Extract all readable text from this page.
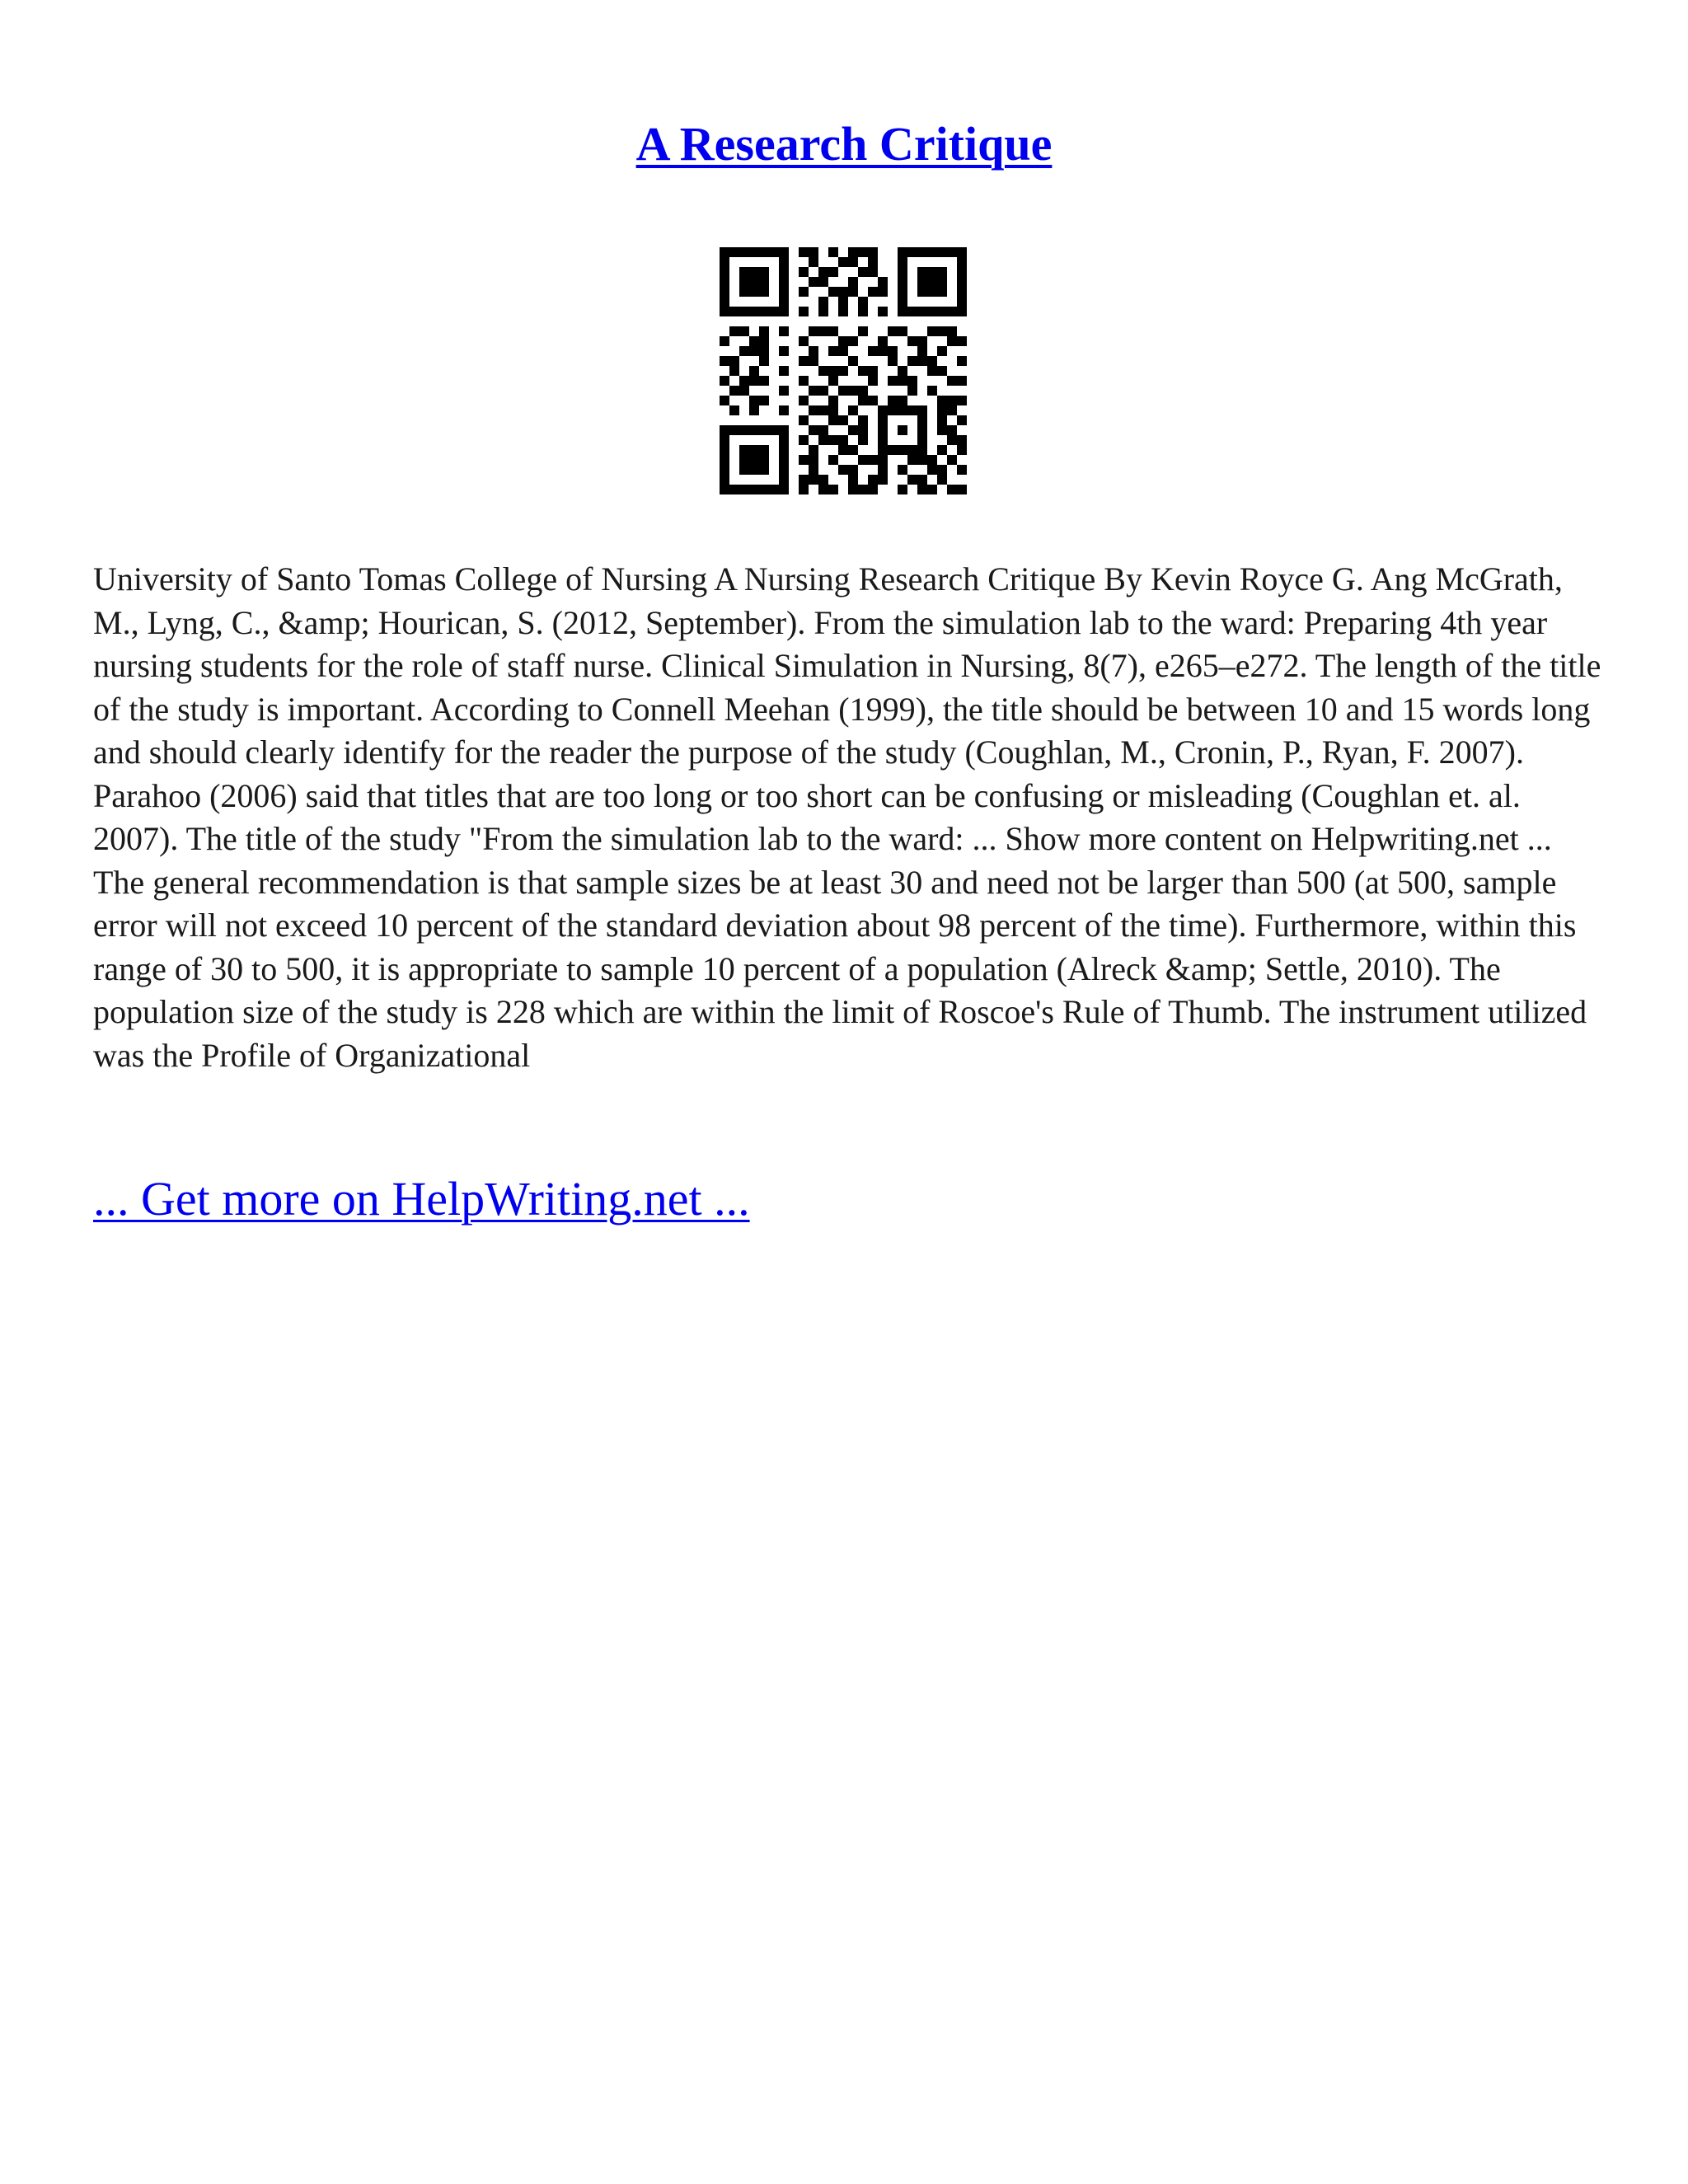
A Research Critique

University of Santo Tomas College of Nursing A Nursing Research Critique By Kevin Royce G. Ang McGrath, M., Lyng, C., &amp; Hourican, S. (2012, September). From the simulation lab to the ward: Preparing 4th year nursing students for the role of staff nurse. Clinical Simulation in Nursing, 8(7), e265–e272. The length of the title of the study is important. According to Connell Meehan (1999), the title should be between 10 and 15 words long and should clearly identify for the reader the purpose of the study (Coughlan, M., Cronin, P., Ryan, F. 2007). Parahoo (2006) said that titles that are too long or too short can be confusing or misleading (Coughlan et. al. 2007). The title of the study "From the simulation lab to the ward: ... Show more content on Helpwriting.net ...

The general recommendation is that sample sizes be at least 30 and need not be larger than 500 (at 500, sample error will not exceed 10 percent of the standard deviation about 98 percent of the time). Furthermore, within this range of 30 to 500, it is appropriate to sample 10 percent of a population (Alreck &amp; Settle, 2010). The population size of the study is 228 which are within the limit of Roscoe's Rule of Thumb. The instrument utilized was the Profile of Organizational

... Get more on HelpWriting.net ...
